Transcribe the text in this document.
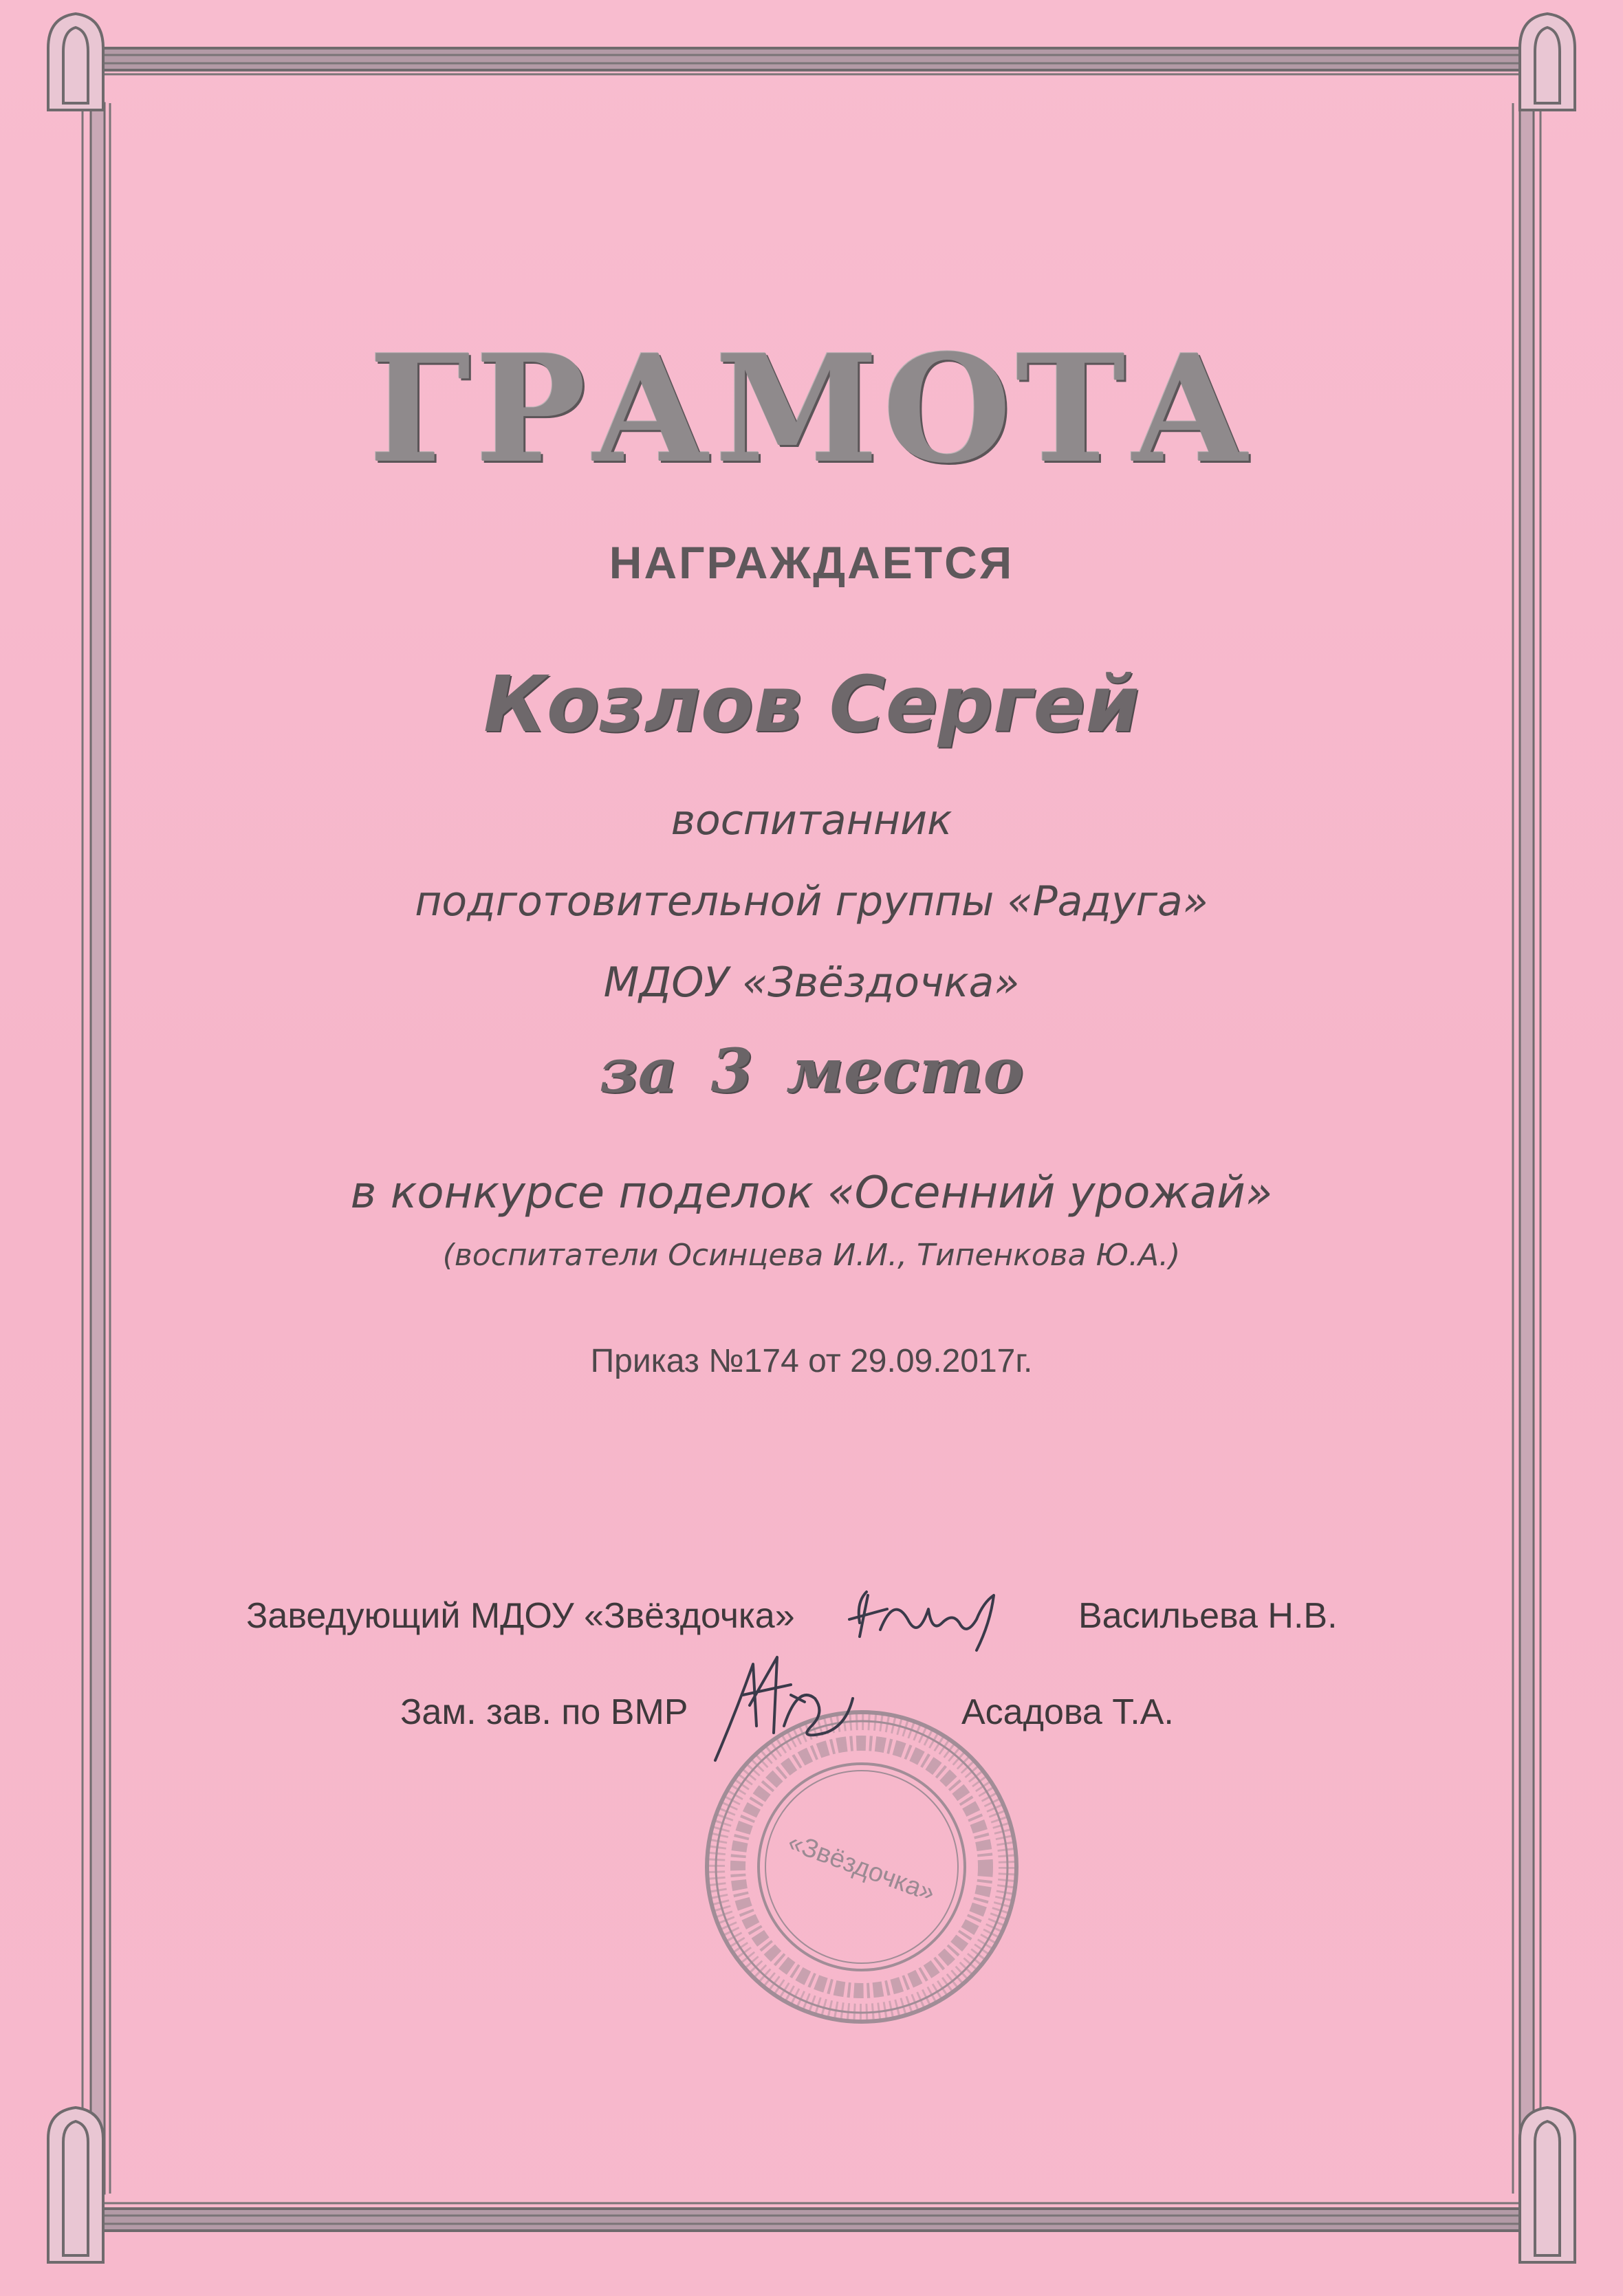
ГРАМОТА
НАГРАЖДАЕТСЯ
Козлов Сергей
воспитанник
подготовительной группы «Радуга»
МДОУ «Звёздочка»
за 3 место
в конкурсе поделок «Осенний урожай»
(воспитатели Осинцева И.И., Типенкова Ю.А.)
Приказ №174 от 29.09.2017г.
Заведующий МДОУ «Звёздочка»	Васильева Н.В.
Зам. зав. по ВМР	Асадова Т.А.
«Звёздочка»
